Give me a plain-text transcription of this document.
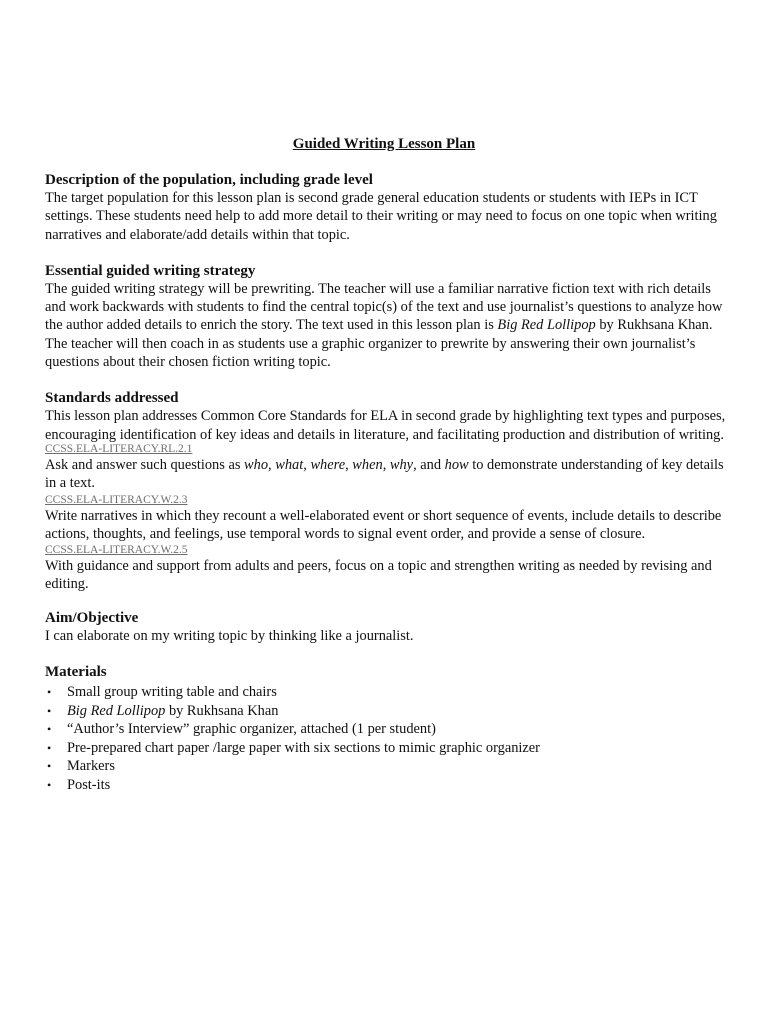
Guided Writing Lesson Plan
Description of the population, including grade level

The target population for this lesson plan is second grade general education students or students with IEPs in ICT settings. These students need help to add more detail to their writing or may need to focus on one topic when writing narratives and elaborate/add details within that topic.

Essential guided writing strategy

The guided writing strategy will be prewriting. The teacher will use a familiar narrative fiction text with rich details and work backwards with students to find the central topic(s) of the text and use journalist’s questions to analyze how the author added details to enrich the story. The text used in this lesson plan is Big Red Lollipop by Rukhsana Khan. The teacher will then coach in as students use a graphic organizer to prewrite by answering their own journalist’s questions about their chosen fiction writing topic.

Standards addressed

This lesson plan addresses Common Core Standards for ELA in second grade by highlighting text types and purposes, encouraging identification of key ideas and details in literature, and facilitating production and distribution of writing.

CCSS.ELA-LITERACY.RL.2.1

Ask and answer such questions as who, what, where, when, why, and how to demonstrate understanding of key details in a text.

CCSS.ELA-LITERACY.W.2.3

Write narratives in which they recount a well-elaborated event or short sequence of events, include details to describe actions, thoughts, and feelings, use temporal words to signal event order, and provide a sense of closure.

CCSS.ELA-LITERACY.W.2.5

With guidance and support from adults and peers, focus on a topic and strengthen writing as needed by revising and editing.

Aim/Objective

I can elaborate on my writing topic by thinking like a journalist.

Materials
• Small group writing table and chairs
• Big Red Lollipop by Rukhsana Khan
• “Author’s Interview” graphic organizer, attached (1 per student)
• Pre-prepared chart paper /large paper with six sections to mimic graphic organizer
• Markers
• Post-its
